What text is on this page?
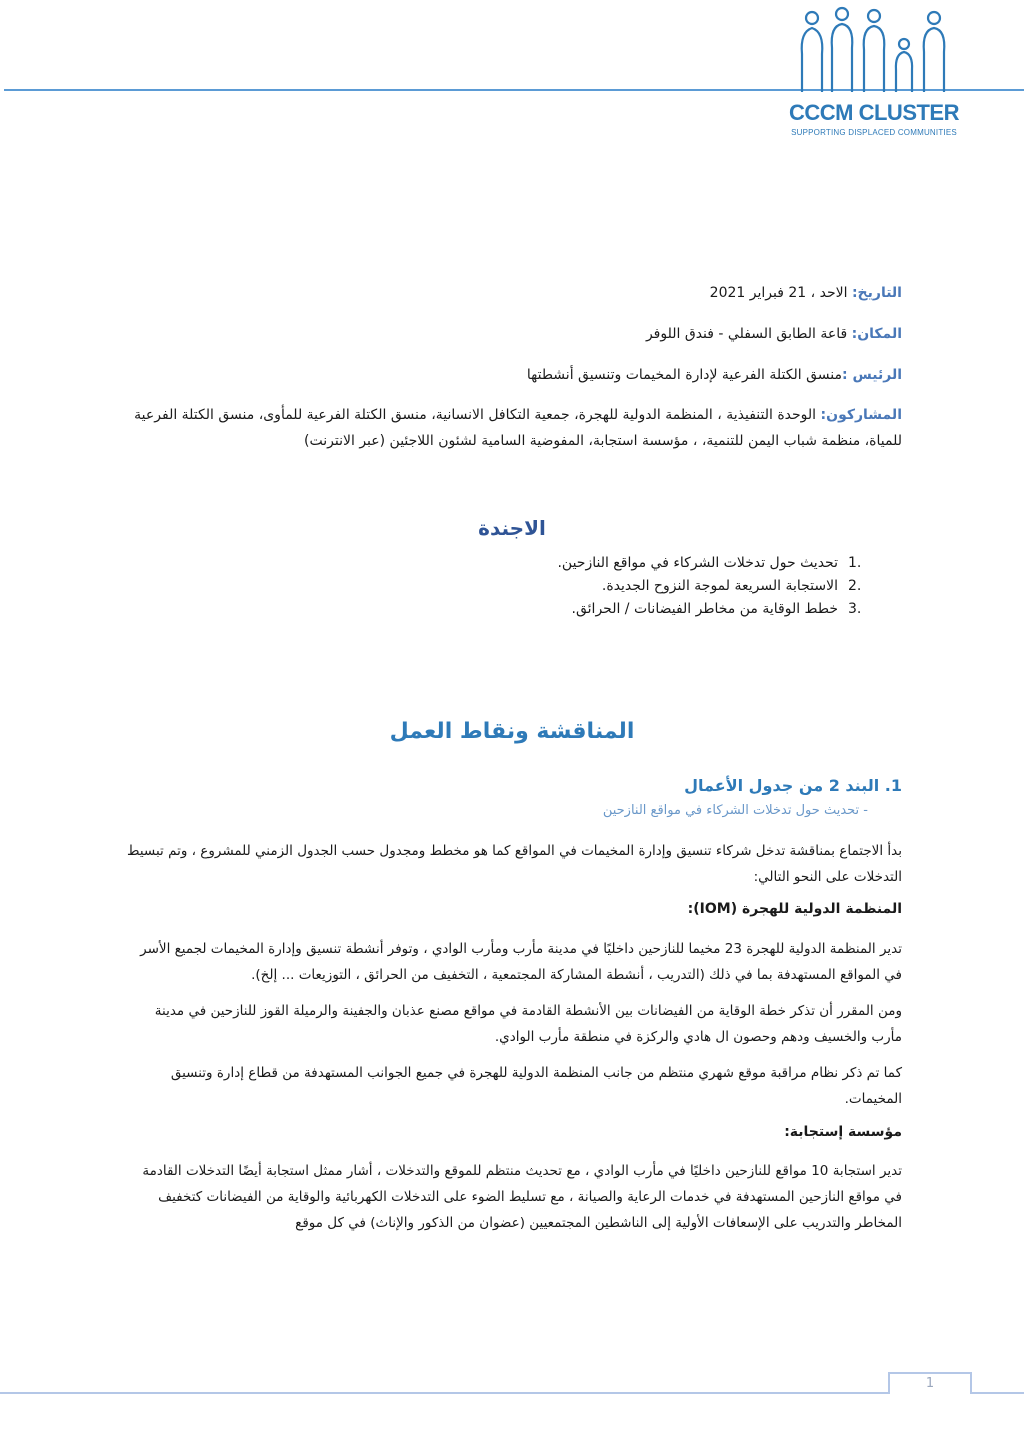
CCCM CLUSTER
SUPPORTING DISPLACED COMMUNITIES
التاريخ: الاحد ، 21 فبراير 2021
المكان: قاعة الطابق السفلي - فندق اللوفر
الرئيس :منسق الكتلة الفرعية لإدارة المخيمات وتنسيق أنشطتها
المشاركون: الوحدة التنفيذية ، المنظمة الدولية للهجرة، جمعية التكافل الانسانية، منسق الكتلة الفرعية للمأوى، منسق الكتلة الفرعية للمياة، منظمة شباب اليمن للتنمية، ، مؤسسة استجابة، المفوضية السامية لشئون اللاجئين (عبر الانترنت)
الاجندة
1.
تحديث حول تدخلات الشركاء في مواقع النازحين.
2.
الاستجابة السريعة لموجة النزوح الجديدة.
3.
خطط الوقاية من مخاطر الفيضانات / الحرائق.
المناقشة ونقاط العمل
1. البند 2 من جدول الأعمال
- تحديث حول تدخلات الشركاء في مواقع النازحين
بدأ الاجتماع بمناقشة تدخل شركاء تنسيق وإدارة المخيمات في المواقع كما هو مخطط ومجدول حسب الجدول الزمني للمشروع ، وتم تبسيط التدخلات على النحو التالي:
المنظمة الدولية للهجرة (IOM):
تدير المنظمة الدولية للهجرة 23 مخيما للنازحين داخليًا في مدينة مأرب ومأرب الوادي ، وتوفر أنشطة تنسيق وإدارة المخيمات لجميع الأسر في المواقع المستهدفة بما في ذلك (التدريب ، أنشطة المشاركة المجتمعية ، التخفيف من الحرائق ، التوزيعات ... إلخ).
ومن المقرر أن تذكر خطة الوقاية من الفيضانات بين الأنشطة القادمة في مواقع مصنع عذبان والجفينة والرميلة القوز للنازحين في مدينة مأرب والخسيف ودهم وحصون ال هادي والركزة في منطقة مأرب الوادي.
كما تم ذكر نظام مراقبة موقع شهري منتظم من جانب المنظمة الدولية للهجرة في جميع الجوانب المستهدفة من قطاع إدارة وتنسيق المخيمات.
مؤسسة إستجابة:
تدير استجابة 10 مواقع للنازحين داخليًا في مأرب الوادي ، مع تحديث منتظم للموقع والتدخلات ، أشار ممثل استجابة أيضًا التدخلات القادمة في مواقع النازحين المستهدفة في خدمات الرعاية والصيانة ، مع تسليط الضوء على التدخلات الكهربائية والوقاية من الفيضانات كتخفيف المخاطر والتدريب على الإسعافات الأولية إلى الناشطين المجتمعيين (عضوان من الذكور والإناث) في كل موقع
1
